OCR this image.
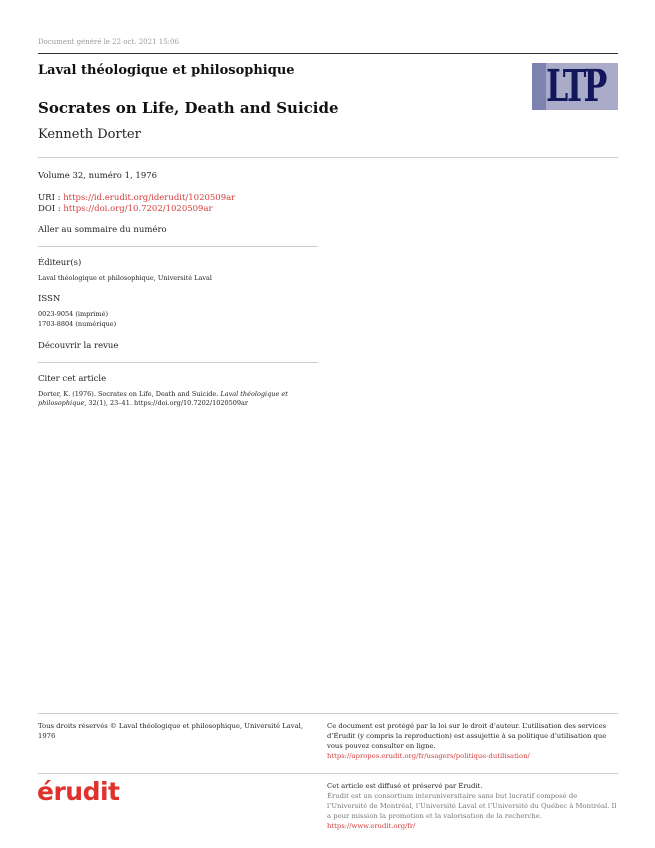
Document généré le 22 oct. 2021 15:06
Laval théologique et philosophique
Socrates on Life, Death and Suicide
Kenneth Dorter
LTP
Volume 32, numéro 1, 1976
URI : https://id.erudit.org/iderudit/1020509ar
DOI : https://doi.org/10.7202/1020509ar
Aller au sommaire du numéro
Éditeur(s)
Laval théologique et philosophique, Université Laval
ISSN
0023-9054 (imprimé)
1703-8804 (numérique)
Découvrir la revue
Citer cet article
Dorter, K. (1976). Socrates on Life, Death and Suicide. Laval théologique et philosophique, 32(1), 23–41. https://doi.org/10.7202/1020509ar
Tous droits réservés © Laval théologique et philosophique, Université Laval, 1976
Ce document est protégé par la loi sur le droit d’auteur. L’utilisation des services d’Érudit (y compris la reproduction) est assujettie à sa politique d’utilisation que vous pouvez consulter en ligne.
https://apropos.erudit.org/fr/usagers/politique-dutilisation/
érudit	Cet article est diffusé et préservé par Érudit.
Érudit est un consortium interuniversitaire sans but lucratif composé de l’Université de Montréal, l’Université Laval et l’Université du Québec à Montréal. Il a pour mission la promotion et la valorisation de la recherche.
https://www.erudit.org/fr/
